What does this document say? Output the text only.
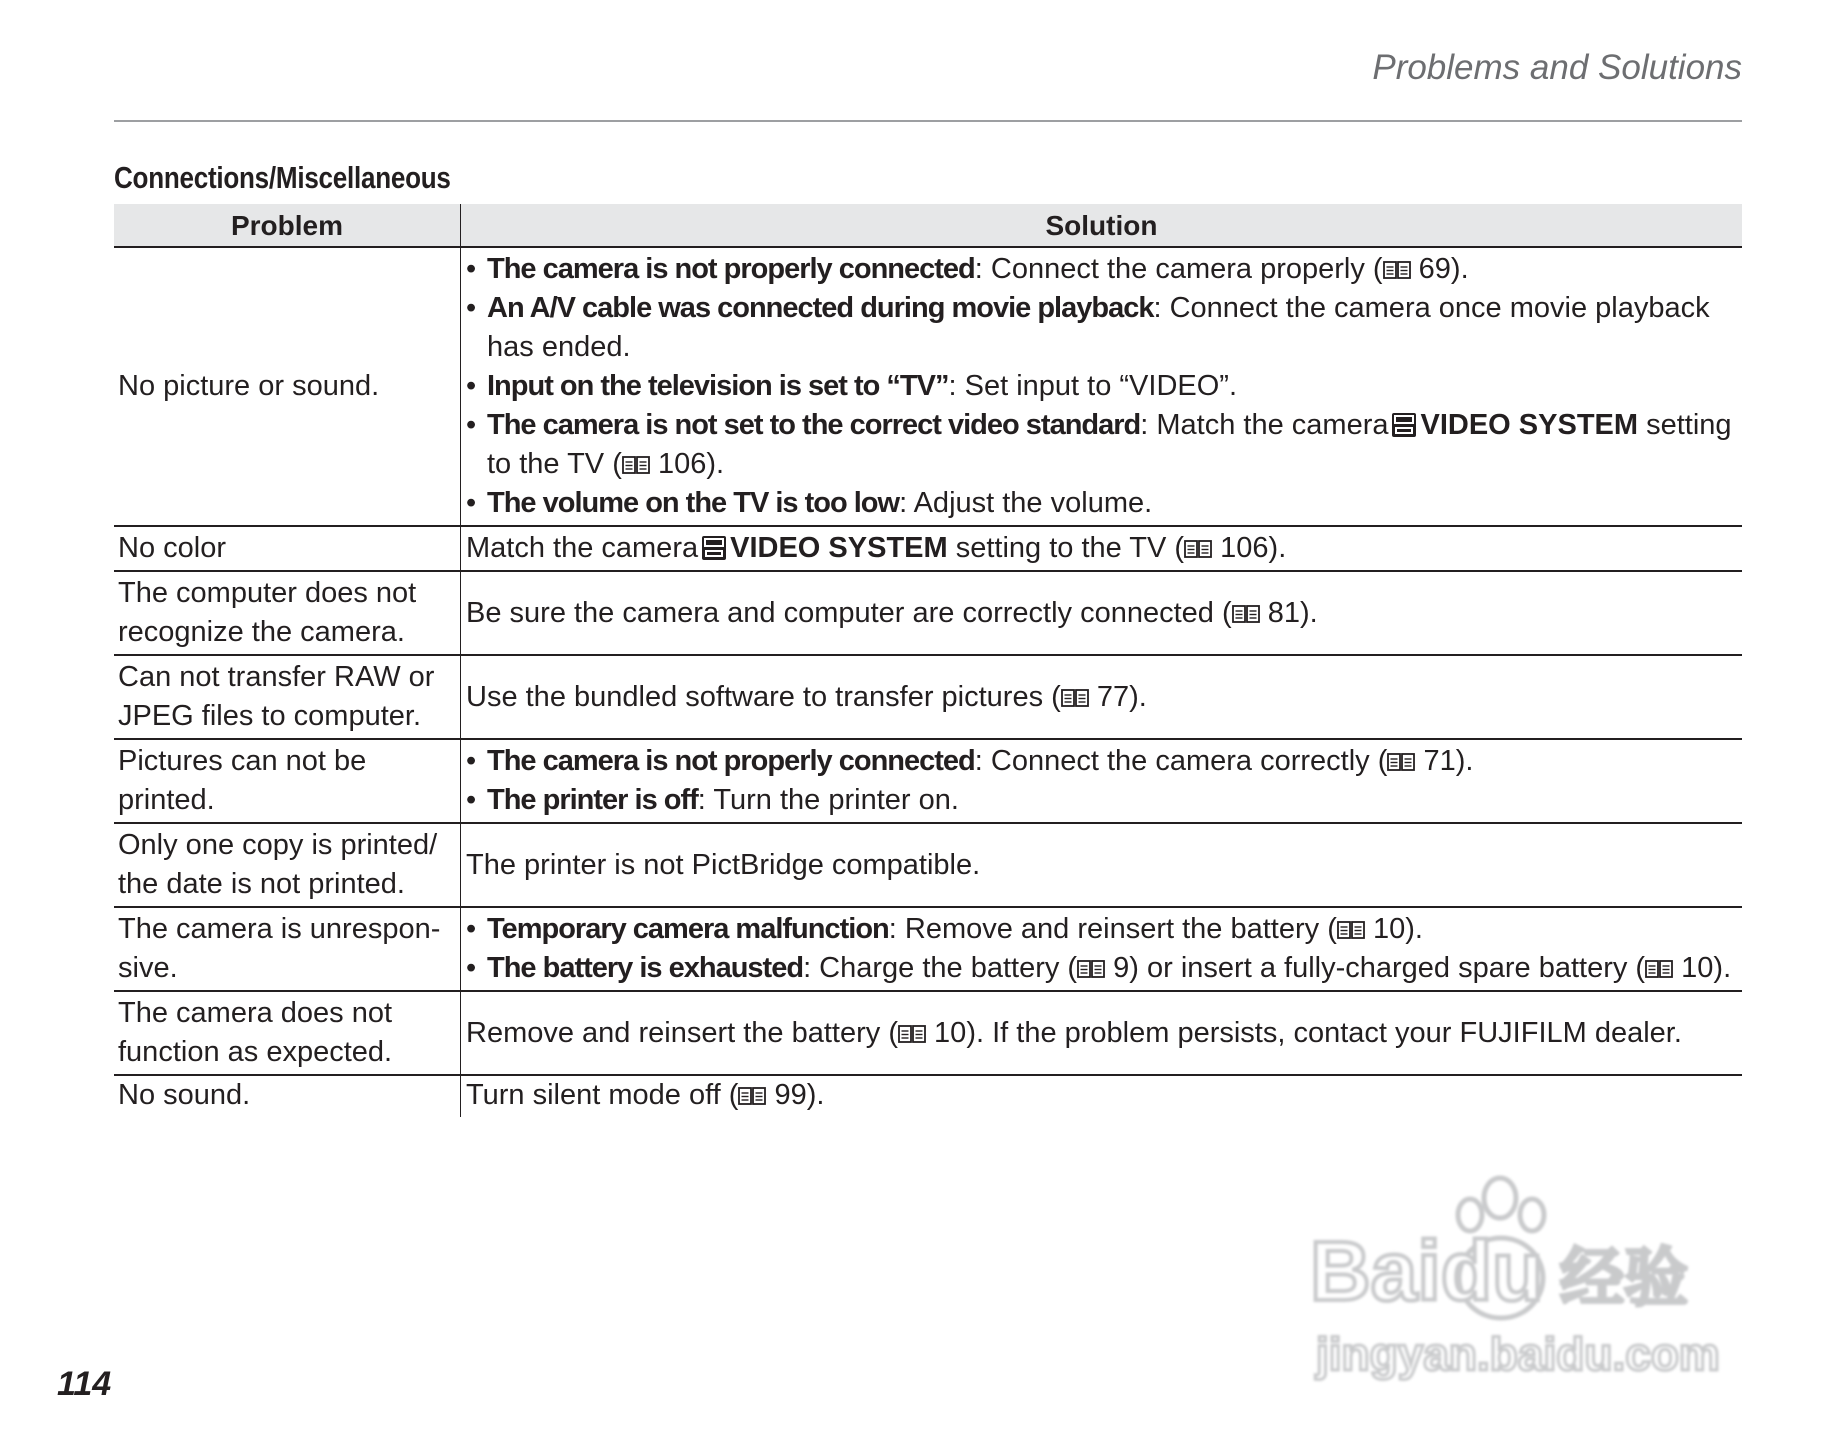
Problems and Solutions
Connections/Miscellaneous
Problem	Solution
No picture or sound.	• The camera is not properly connected: Connect the camera properly ( 69).
• An A/V cable was connected during movie playback: Connect the camera once movie playback has ended.
• Input on the television is set to “TV”: Set input to “VIDEO”.
• The camera is not set to the correct video standard: Match the camera VIDEO SYSTEM setting to the TV ( 106).
• The volume on the TV is too low: Adjust the volume.

No color	Match the camera VIDEO SYSTEM setting to the TV ( 106).
The computer does not recognize the camera.	Be sure the camera and computer are correctly connected ( 81).
Can not transfer RAW or JPEG files to computer.	Use the bundled software to transfer pictures ( 77).
Pictures can not be printed.	• The camera is not properly connected: Connect the camera correctly ( 71).
• The printer is off: Turn the printer on.

Only one copy is printed/ the date is not printed.	The printer is not PictBridge compatible.
The camera is unrespon-sive.	• Temporary camera malfunction: Remove and reinsert the battery ( 10).
• The battery is exhausted: Charge the battery ( 9) or insert a fully-charged spare battery ( 10).

The camera does not function as expected.	Remove and reinsert the battery ( 10). If the problem persists, contact your FUJIFILM dealer.
No sound.	Turn silent mode off ( 99).
114
Baidu 经验
jingyan.baidu.com
